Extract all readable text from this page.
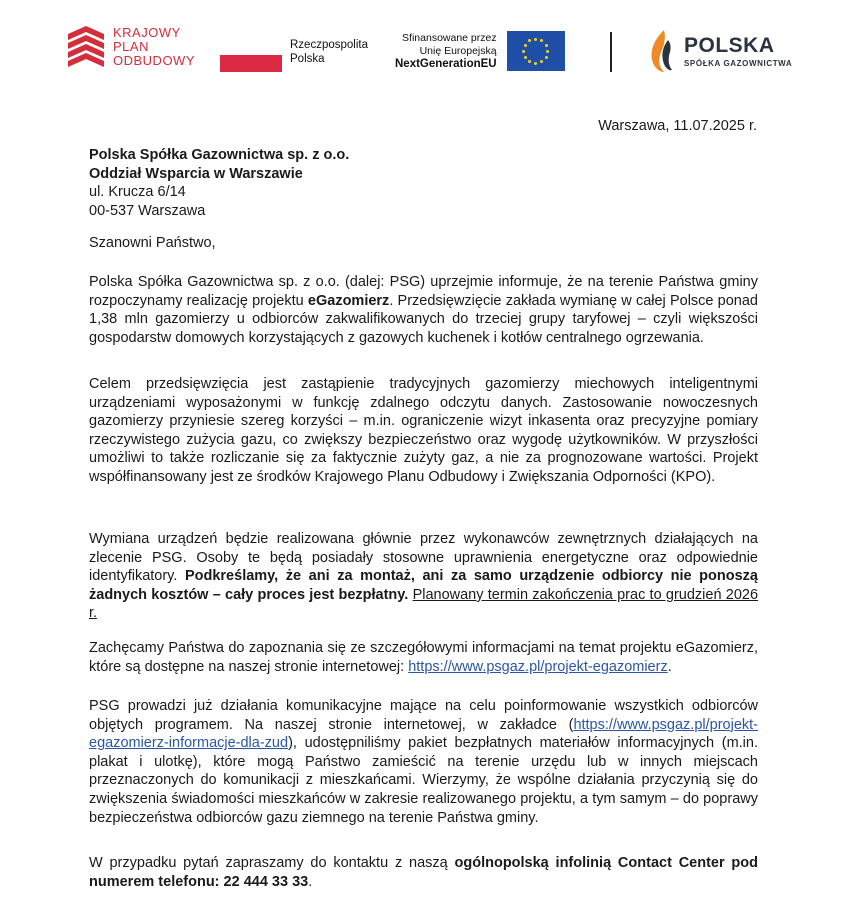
KRAJOWY
PLAN
ODBUDOWY
Rzeczpospolita
Polska
Sfinansowane przez
Unię Europejską
NextGenerationEU
POLSKA
SPÓŁKA GAZOWNICTWA
Warszawa, 11.07.2025 r.
Polska Spółka Gazownictwa sp. z o.o.
Oddział Wsparcia w Warszawie
ul. Krucza 6/14
00-537 Warszawa
Szanowni Państwo,

Polska Spółka Gazownictwa sp. z o.o. (dalej: PSG) uprzejmie informuje, że na terenie Państwa gminy rozpoczynamy realizację projektu eGazomierz. Przedsięwzięcie zakłada wymianę w całej Polsce ponad 1,38 mln gazomierzy u odbiorców zakwalifikowanych do trzeciej grupy taryfowej – czyli większości gospodarstw domowych korzystających z gazowych kuchenek i kotłów centralnego ogrzewania.

Celem przedsięwzięcia jest zastąpienie tradycyjnych gazomierzy miechowych inteligentnymi urządzeniami wyposażonymi w funkcję zdalnego odczytu danych. Zastosowanie nowoczesnych gazomierzy przyniesie szereg korzyści – m.in. ograniczenie wizyt inkasenta oraz precyzyjne pomiary rzeczywistego zużycia gazu, co zwiększy bezpieczeństwo oraz wygodę użytkowników. W przyszłości umożliwi to także rozliczanie się za faktycznie zużyty gaz, a nie za prognozowane wartości. Projekt współfinansowany jest ze środków Krajowego Planu Odbudowy i Zwiększania Odporności (KPO).

Wymiana urządzeń będzie realizowana głównie przez wykonawców zewnętrznych działających na zlecenie PSG. Osoby te będą posiadały stosowne uprawnienia energetyczne oraz odpowiednie identyfikatory. Podkreślamy, że ani za montaż, ani za samo urządzenie odbiorcy nie ponoszą żadnych kosztów – cały proces jest bezpłatny. Planowany termin zakończenia prac to grudzień 2026 r.

Zachęcamy Państwa do zapoznania się ze szczegółowymi informacjami na temat projektu eGazomierz, które są dostępne na naszej stronie internetowej: https://www.psgaz.pl/projekt-egazomierz.

PSG prowadzi już działania komunikacyjne mające na celu poinformowanie wszystkich odbiorców objętych programem. Na naszej stronie internetowej, w zakładce (https://www.psgaz.pl/projekt-egazomierz-informacje-dla-zud), udostępniliśmy pakiet bezpłatnych materiałów informacyjnych (m.in. plakat i ulotkę), które mogą Państwo zamieścić na terenie urzędu lub w innych miejscach przeznaczonych do komunikacji z mieszkańcami. Wierzymy, że wspólne działania przyczynią się do zwiększenia świadomości mieszkańców w zakresie realizowanego projektu, a tym samym – do poprawy bezpieczeństwa odbiorców gazu ziemnego na terenie Państwa gminy.

W przypadku pytań zapraszamy do kontaktu z naszą ogólnopolską infolinią Contact Center pod numerem telefonu: 22 444 33 33.
